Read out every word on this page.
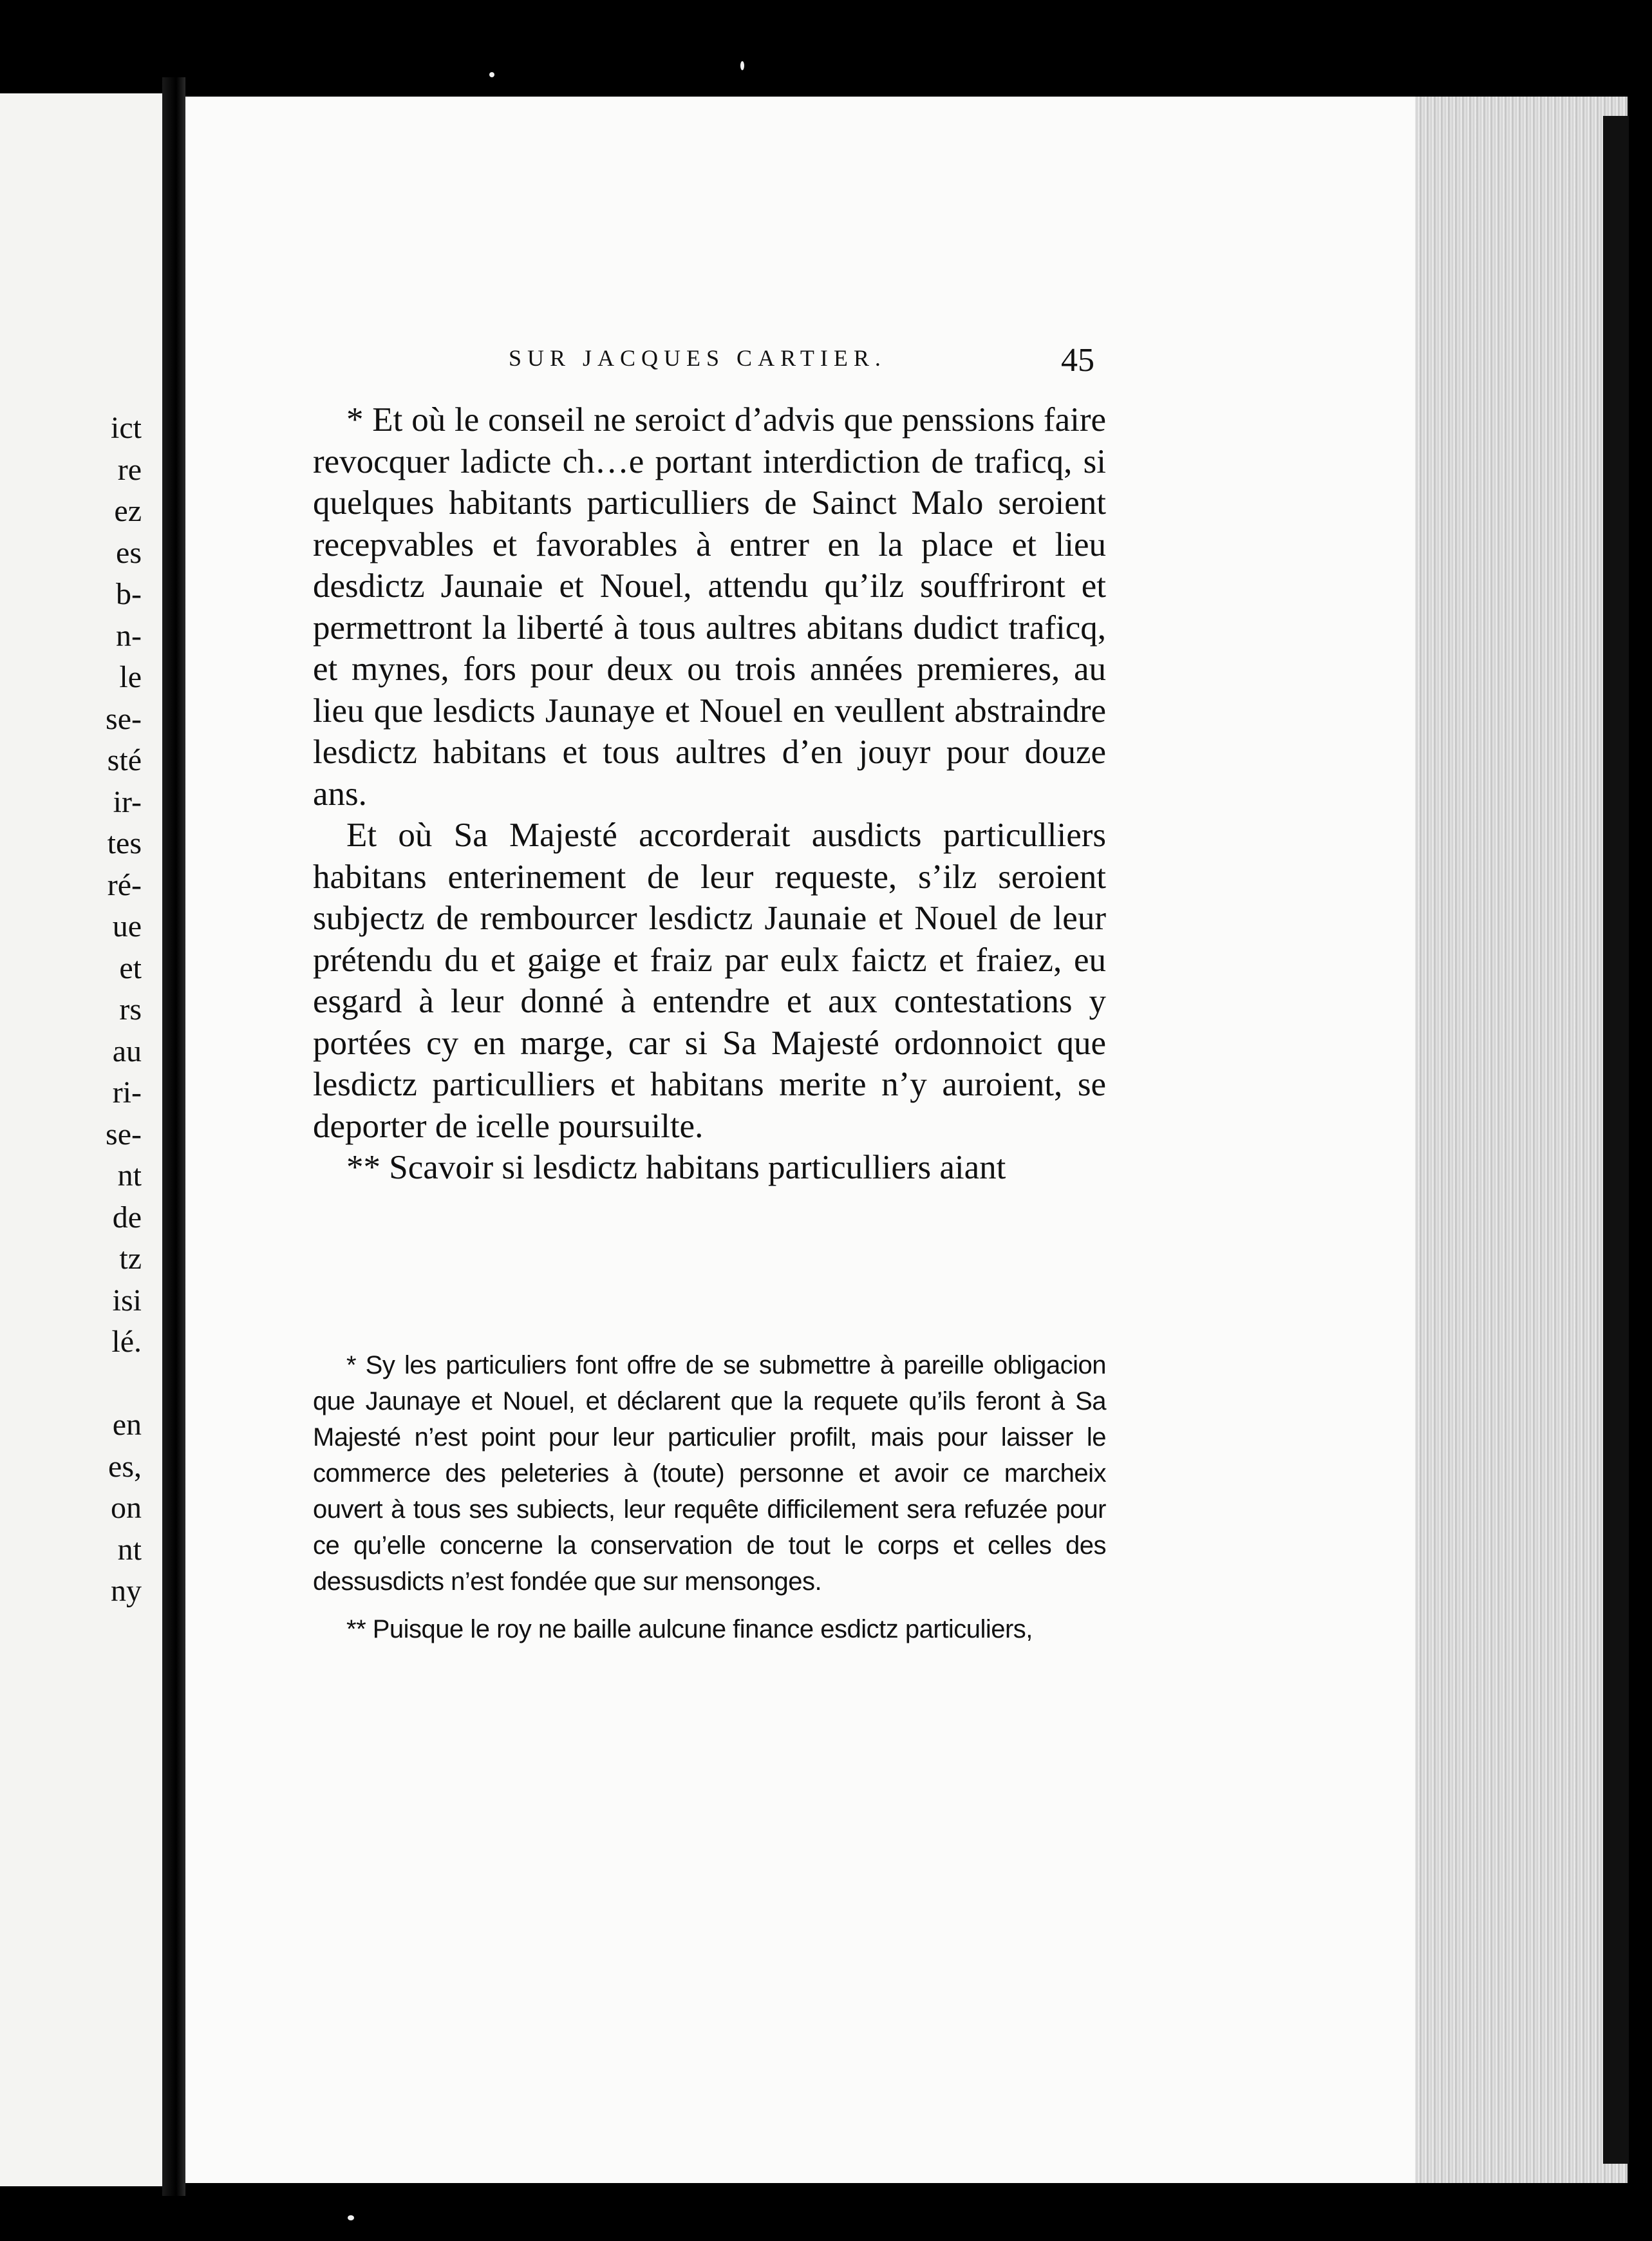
ict
re
ez
es
b-
n-
le
se-
sté
ir-
tes
ré-
ue
et
rs
au
ri-
se-
nt
de
tz
isi
lé.
en
es,
on
nt
ny
SUR JACQUES CARTIER.	45

* Et où le conseil ne seroict d’advis que penssions faire revocquer ladicte ch…e portant interdiction de traficq, si quelques habitants particulliers de Sainct Malo seroient recepvables et favorables à entrer en la place et lieu desdictz Jaunaie et Nouel, attendu qu’ilz souffriront et permettront la liberté à tous aultres abitans dudict traficq, et mynes, fors pour deux ou trois années premieres, au lieu que lesdicts Jaunaye et Nouel en veullent abstraindre lesdictz habitans et tous aultres d’en jouyr pour douze ans.

Et où Sa Majesté accorderait ausdicts particulliers habitans enterinement de leur requeste, s’ilz seroient subjectz de rembourcer lesdictz Jaunaie et Nouel de leur prétendu du et gaige et fraiz par eulx faictz et fraiez, eu esgard à leur donné à entendre et aux contestations y portées cy en marge, car si Sa Majesté ordonnoict que lesdictz particulliers et habitans merite n’y auroient, se deporter de icelle poursuilte.

** Scavoir si lesdictz habitans particulliers aiant

* Sy les particuliers font offre de se submettre à pareille obligacion que Jaunaye et Nouel, et déclarent que la requete qu’ils feront à Sa Majesté n’est point pour leur particulier profilt, mais pour laisser le commerce des peleteries à (toute) personne et avoir ce marcheix ouvert à tous ses subiects, leur requête difficilement sera refuzée pour ce qu’elle concerne la conservation de tout le corps et celles des dessusdicts n’est fondée que sur mensonges.

** Puisque le roy ne baille aulcune finance esdictz particuliers,
